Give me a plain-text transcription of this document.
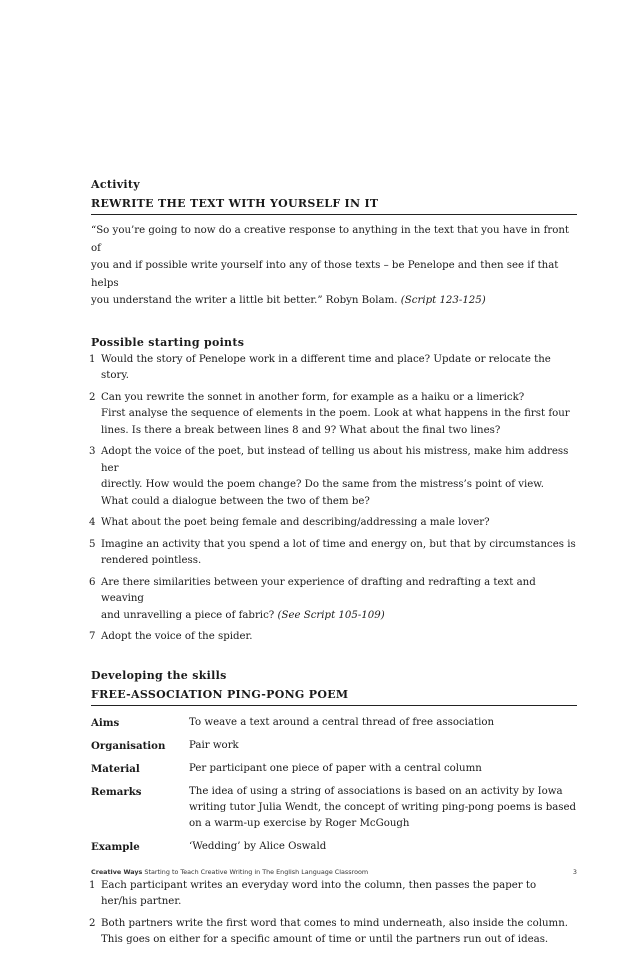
Activity
REWRITE THE TEXT WITH YOURSELF IN IT
“So you’re going to now do a creative response to anything in the text that you have in front of
you and if possible write yourself into any of those texts – be Penelope and then see if that helps
you understand the writer a little bit better.” Robyn Bolam. (Script 123-125)
Possible starting points
1 Would the story of Penelope work in a different time and place? Update or relocate the story.
2 Can you rewrite the sonnet in another form, for example as a haiku or a limerick?
First analyse the sequence of elements in the poem. Look at what happens in the first four
lines. Is there a break between lines 8 and 9? What about the final two lines?
3 Adopt the voice of the poet, but instead of telling us about his mistress, make him address her
directly. How would the poem change? Do the same from the mistress’s point of view.
What could a dialogue between the two of them be?
4 What about the poet being female and describing/addressing a male lover?
5 Imagine an activity that you spend a lot of time and energy on, but that by circumstances is
rendered pointless.
6 Are there similarities between your experience of drafting and redrafting a text and weaving
and unravelling a piece of fabric? (See Script 105-109)
7 Adopt the voice of the spider.
Developing the skills
FREE-ASSOCIATION PING-PONG POEM
Aims	To weave a text around a central thread of free association
Organisation	Pair work
Material	Per participant one piece of paper with a central column
Remarks	The idea of using a string of associations is based on an activity by Iowa
writing tutor Julia Wendt, the concept of writing ping-pong poems is based
on a warm-up exercise by Roger McGough

Example	‘Wedding’ by Alice Oswald
1 Each participant writes an everyday word into the column, then passes the paper to
her/his partner.
2 Both partners write the first word that comes to mind underneath, also inside the column.
This goes on either for a specific amount of time or until the partners run out of ideas.
Creative Ways Starting to Teach Creative Writing in The English Language Classroom	3
